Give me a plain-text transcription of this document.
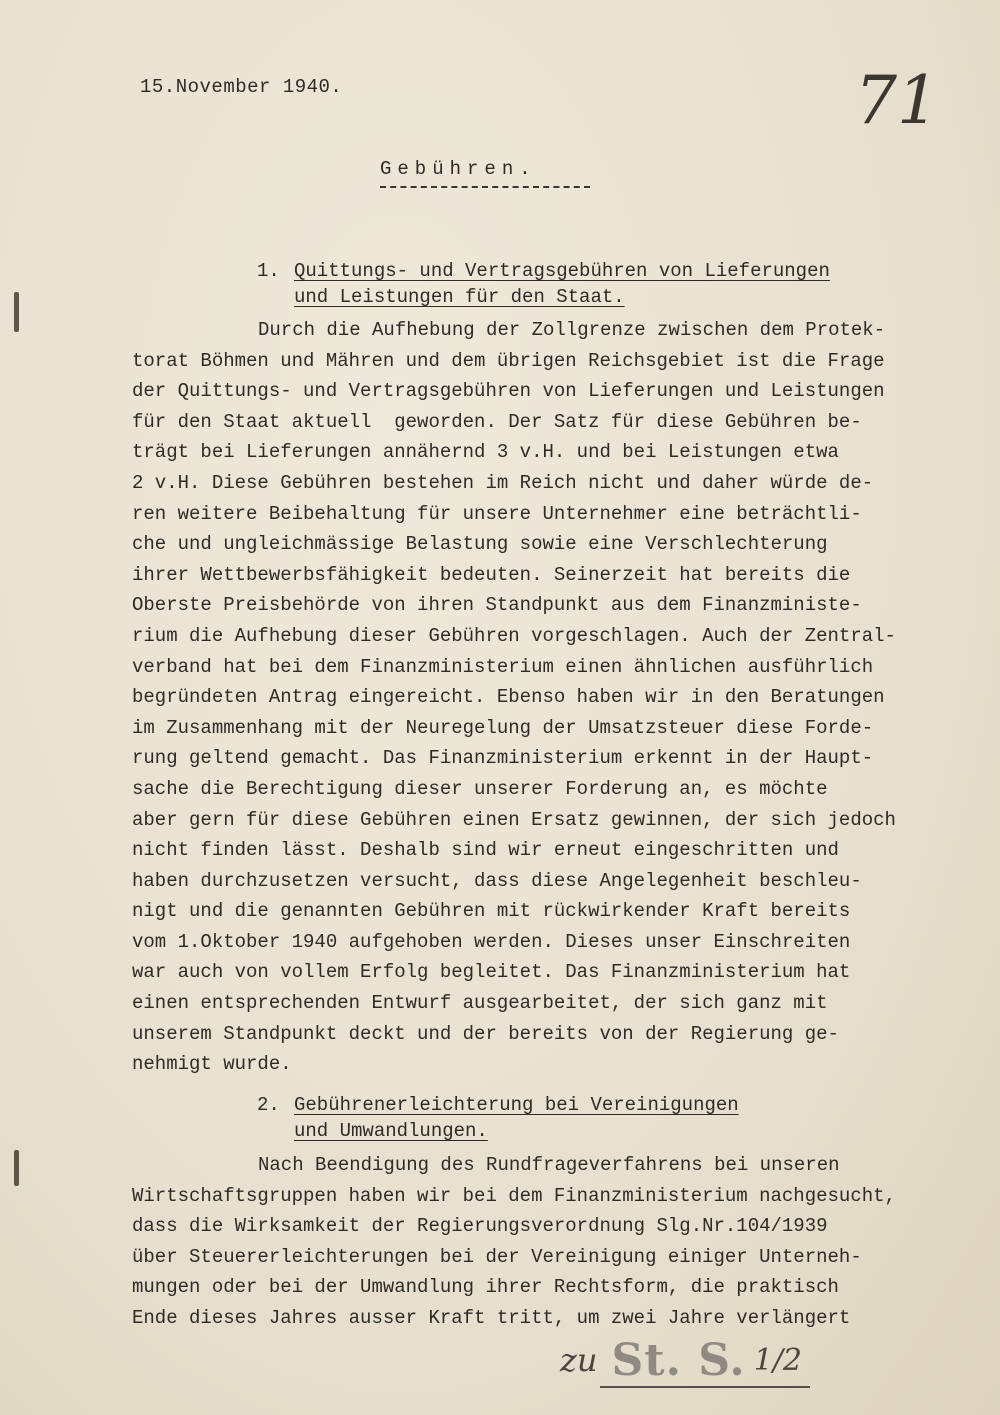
15.November 1940.	71
Gebühren.
1. Quittungs- und Vertragsgebühren von Lieferungen
und Leistungen für den Staat.
Durch die Aufhebung der Zollgrenze zwischen dem Protek-
torat Böhmen und Mähren und dem übrigen Reichsgebiet ist die Frage
der Quittungs- und Vertragsgebühren von Lieferungen und Leistungen
für den Staat aktuell  geworden. Der Satz für diese Gebühren be-
trägt bei Lieferungen annähernd 3 v.H. und bei Leistungen etwa
2 v.H. Diese Gebühren bestehen im Reich nicht und daher würde de-
ren weitere Beibehaltung für unsere Unternehmer eine beträchtli-
che und ungleichmässige Belastung sowie eine Verschlechterung
ihrer Wettbewerbsfähigkeit bedeuten. Seinerzeit hat bereits die
Oberste Preisbehörde von ihren Standpunkt aus dem Finanzministe-
rium die Aufhebung dieser Gebühren vorgeschlagen. Auch der Zentral-
verband hat bei dem Finanzministerium einen ähnlichen ausführlich
begründeten Antrag eingereicht. Ebenso haben wir in den Beratungen
im Zusammenhang mit der Neuregelung der Umsatzsteuer diese Forde-
rung geltend gemacht. Das Finanzministerium erkennt in der Haupt-
sache die Berechtigung dieser unserer Forderung an, es möchte
aber gern für diese Gebühren einen Ersatz gewinnen, der sich jedoch
nicht finden lässt. Deshalb sind wir erneut eingeschritten und
haben durchzusetzen versucht, dass diese Angelegenheit beschleu-
nigt und die genannten Gebühren mit rückwirkender Kraft bereits
vom 1.Oktober 1940 aufgehoben werden. Dieses unser Einschreiten
war auch von vollem Erfolg begleitet. Das Finanzministerium hat
einen entsprechenden Entwurf ausgearbeitet, der sich ganz mit
unserem Standpunkt deckt und der bereits von der Regierung ge-
nehmigt wurde.
2. Gebührenerleichterung bei Vereinigungen
und Umwandlungen.
Nach Beendigung des Rundfrageverfahrens bei unseren
Wirtschaftsgruppen haben wir bei dem Finanzministerium nachgesucht,
dass die Wirksamkeit der Regierungsverordnung Slg.Nr.104/1939
über Steuererleichterungen bei der Vereinigung einiger Unterneh-
mungen oder bei der Umwandlung ihrer Rechtsform, die praktisch
Ende dieses Jahres ausser Kraft tritt, um zwei Jahre verlängert
zu St. S. 1/2
